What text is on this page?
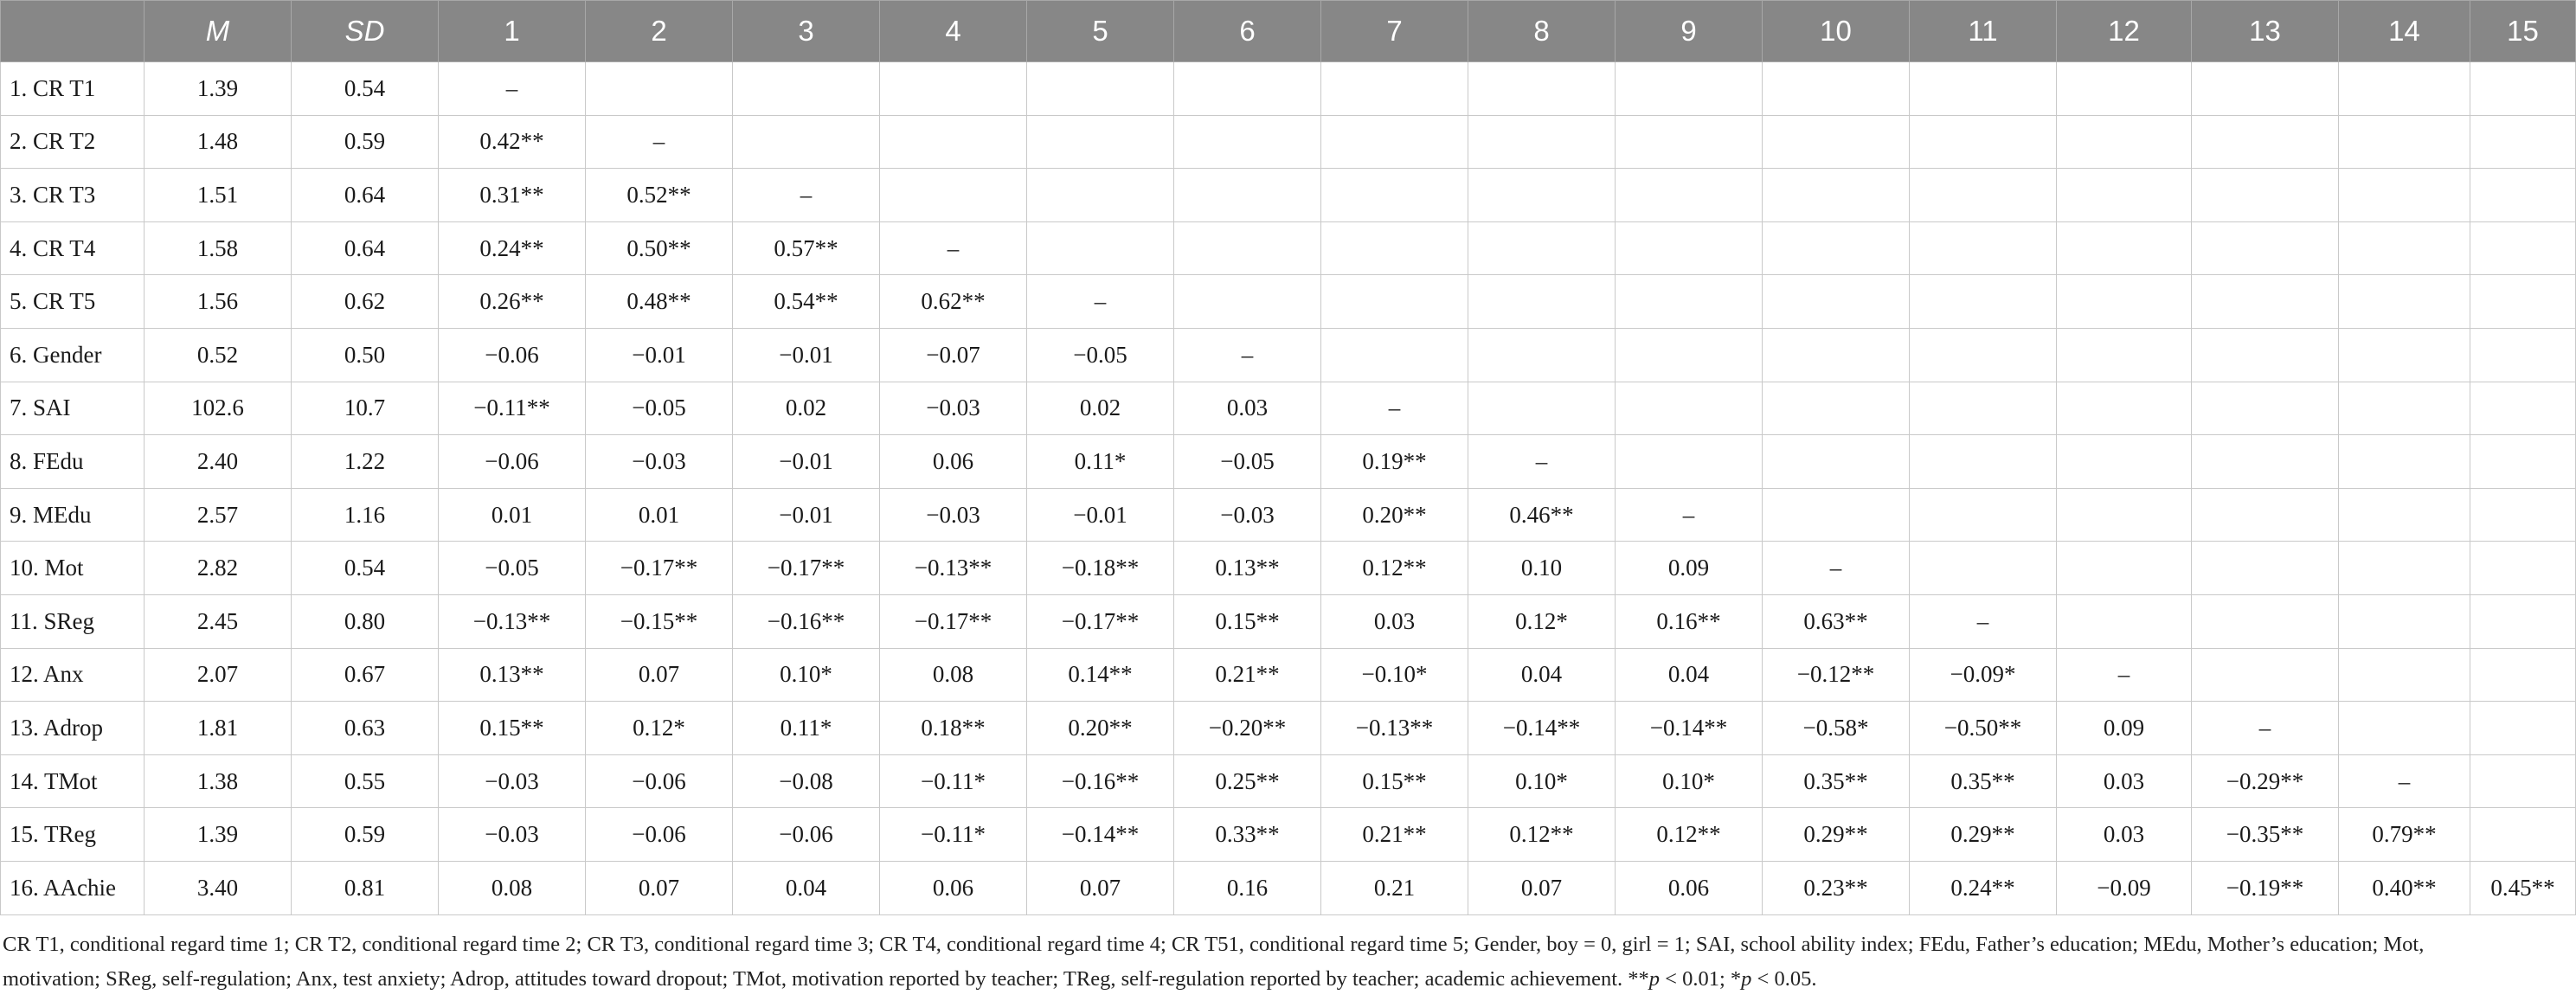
	M	SD	1	2	3	4	5	6	7	8	9	10	11	12	13	14	15
1. CR T1	1.39	0.54	–														
2. CR T2	1.48	0.59	0.42**	–													
3. CR T3	1.51	0.64	0.31**	0.52**	–												
4. CR T4	1.58	0.64	0.24**	0.50**	0.57**	–											
5. CR T5	1.56	0.62	0.26**	0.48**	0.54**	0.62**	–										
6. Gender	0.52	0.50	−0.06	−0.01	−0.01	−0.07	−0.05	–									
7. SAI	102.6	10.7	−0.11**	−0.05	0.02	−0.03	0.02	0.03	–								
8. FEdu	2.40	1.22	−0.06	−0.03	−0.01	0.06	0.11*	−0.05	0.19**	–							
9. MEdu	2.57	1.16	0.01	0.01	−0.01	−0.03	−0.01	−0.03	0.20**	0.46**	–						
10. Mot	2.82	0.54	−0.05	−0.17**	−0.17**	−0.13**	−0.18**	0.13**	0.12**	0.10	0.09	–					
11. SReg	2.45	0.80	−0.13**	−0.15**	−0.16**	−0.17**	−0.17**	0.15**	0.03	0.12*	0.16**	0.63**	–				
12. Anx	2.07	0.67	0.13**	0.07	0.10*	0.08	0.14**	0.21**	−0.10*	0.04	0.04	−0.12**	−0.09*	–			
13. Adrop	1.81	0.63	0.15**	0.12*	0.11*	0.18**	0.20**	−0.20**	−0.13**	−0.14**	−0.14**	−0.58*	−0.50**	0.09	–		
14. TMot	1.38	0.55	−0.03	−0.06	−0.08	−0.11*	−0.16**	0.25**	0.15**	0.10*	0.10*	0.35**	0.35**	0.03	−0.29**	–	
15. TReg	1.39	0.59	−0.03	−0.06	−0.06	−0.11*	−0.14**	0.33**	0.21**	0.12**	0.12**	0.29**	0.29**	0.03	−0.35**	0.79**	
16. AAchie	3.40	0.81	0.08	0.07	0.04	0.06	0.07	0.16	0.21	0.07	0.06	0.23**	0.24**	−0.09	−0.19**	0.40**	0.45**
CR T1, conditional regard time 1; CR T2, conditional regard time 2; CR T3, conditional regard time 3; CR T4, conditional regard time 4; CR T51, conditional regard time 5; Gender, boy = 0, girl = 1; SAI, school ability index; FEdu, Father’s education; MEdu, Mother’s education; Mot, motivation; SReg, self-regulation; Anx, test anxiety; Adrop, attitudes toward dropout; TMot, motivation reported by teacher; TReg, self-regulation reported by teacher; academic achievement. **p < 0.01; *p < 0.05.
